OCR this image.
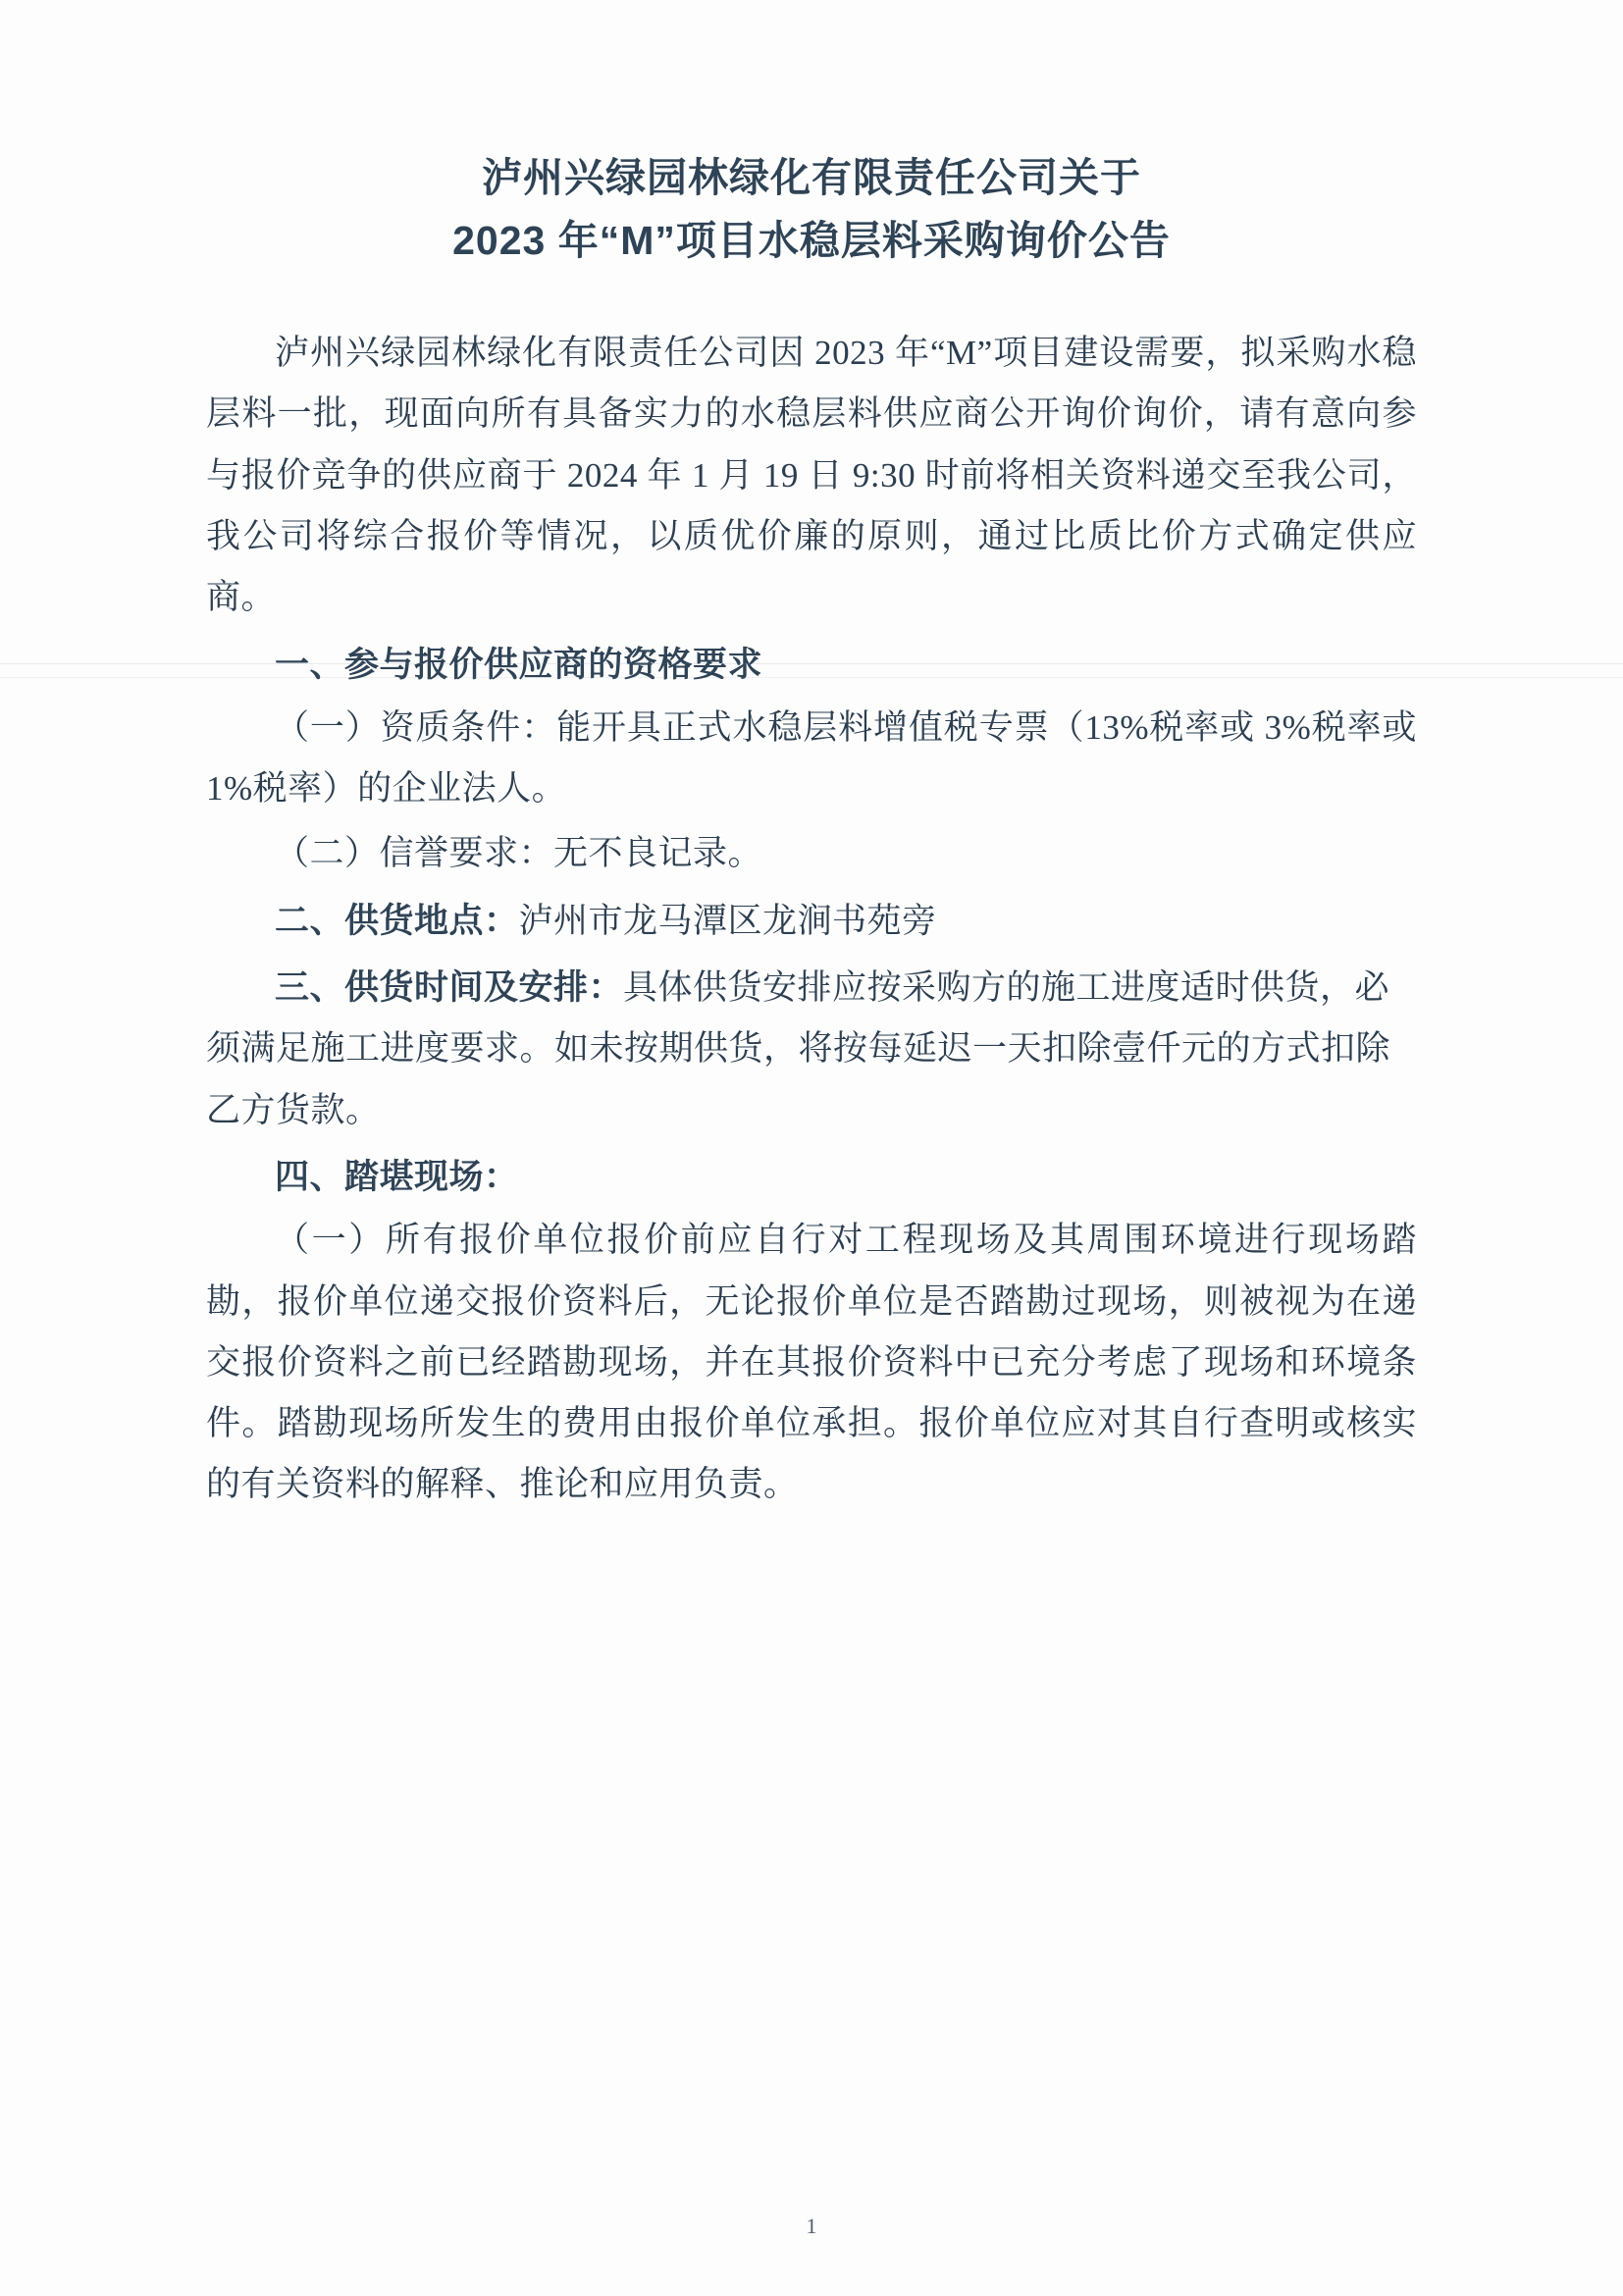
泸州兴绿园林绿化有限责任公司关于
2023 年“M”项目水稳层料采购询价公告

泸州兴绿园林绿化有限责任公司因 2023 年“M”项目建设需要，拟采购水稳层料一批，现面向所有具备实力的水稳层料供应商公开询价询价，请有意向参与报价竞争的供应商于 2024 年 1 月 19 日 9:30 时前将相关资料递交至我公司，我公司将综合报价等情况，以质优价廉的原则，通过比质比价方式确定供应商。

一、参与报价供应商的资格要求

（一）资质条件：能开具正式水稳层料增值税专票（13%税率或 3%税率或 1%税率）的企业法人。

（二）信誉要求：无不良记录。

二、供货地点：泸州市龙马潭区龙涧书苑旁
三、供货时间及安排：具体供货安排应按采购方的施工进度适时供货，必须满足施工进度要求。如未按期供货，将按每延迟一天扣除壹仟元的方式扣除乙方货款。
四、踏堪现场：

（一）所有报价单位报价前应自行对工程现场及其周围环境进行现场踏勘，报价单位递交报价资料后，无论报价单位是否踏勘过现场，则被视为在递交报价资料之前已经踏勘现场，并在其报价资料中已充分考虑了现场和环境条件。踏勘现场所发生的费用由报价单位承担。报价单位应对其自行查明或核实的有关资料的解释、推论和应用负责。

1
